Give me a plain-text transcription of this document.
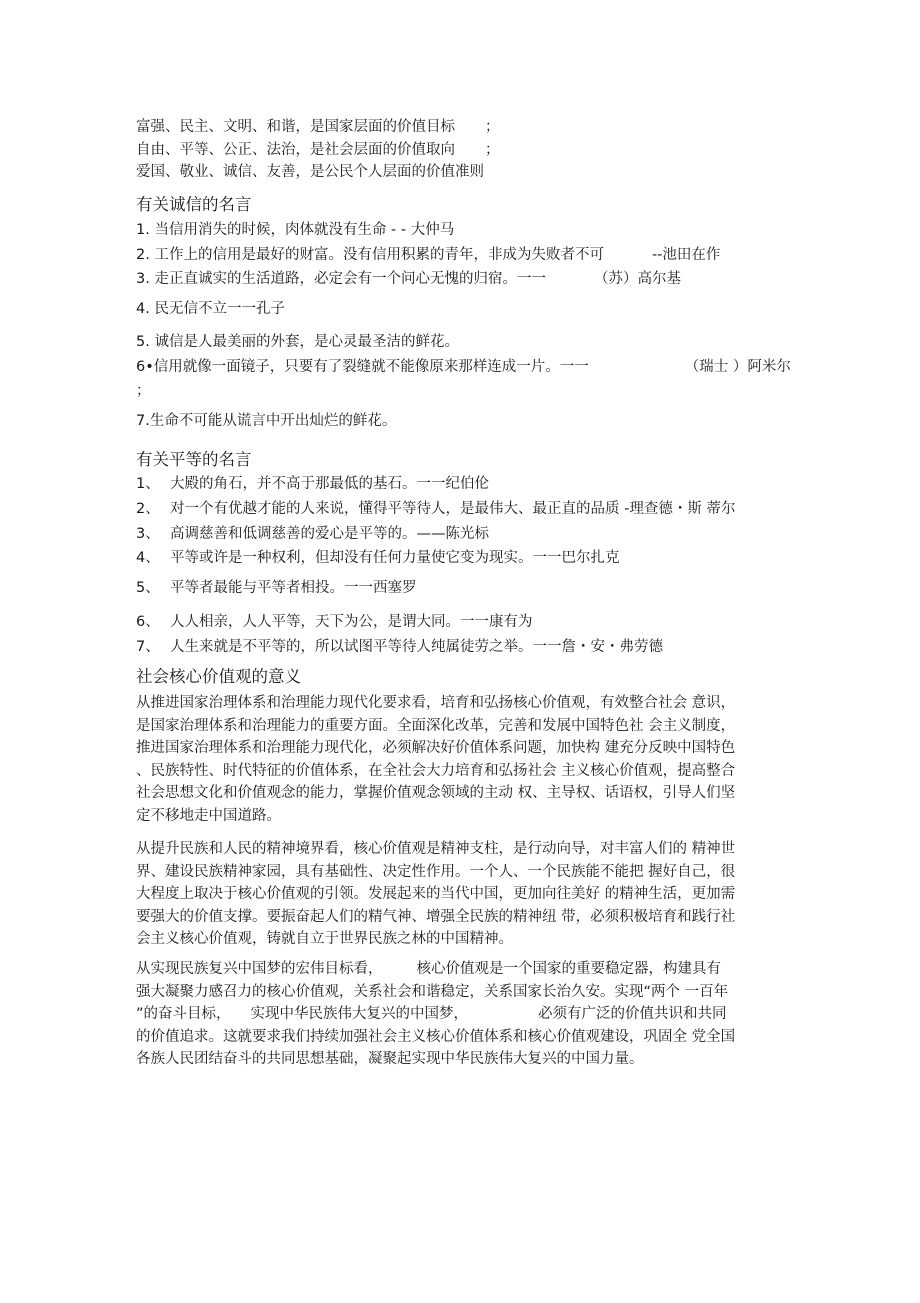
富强、民主、文明、和谐，是国家层面的价值目标 ；
自由、平等、公正、法治，是社会层面的价值取向 ；
爱国、敬业、诚信、友善，是公民个人层面的价值准则
有关诚信的名言
1. 当信用消失的时候，肉体就没有生命 - - 大仲马
2. 工作上的信用是最好的财富。没有信用积累的青年，非成为失败者不可	--池田在作
3. 走正直诚实的生活道路，必定会有一个问心无愧的归宿。一一	（苏）高尔基
4. 民无信不立一一孔子
5. 诚信是人最美丽的外套，是心灵最圣洁的鲜花。
6•信用就像一面镜子，只要有了裂缝就不能像原来那样连成一片。一一	（瑞士 ）阿米尔
；
7.生命不可能从谎言中开出灿烂的鲜花。
有关平等的名言
1、 大殿的角石，并不高于那最低的基石。一一纪伯伦
2、 对一个有优越才能的人来说，懂得平等待人，是最伟大、最正直的品质 -理查德・斯 蒂尔
3、 高调慈善和低调慈善的爱心是平等的。——陈光标
4、 平等或许是一种权利，但却没有任何力量使它变为现实。一一巴尔扎克
5、 平等者最能与平等者相投。一一西塞罗
6、 人人相亲，人人平等，天下为公，是谓大同。一一康有为
7、 人生来就是不平等的，所以试图平等待人纯属徒劳之举。一一詹・安・弗劳德
社会核心价值观的意义
从推进国家治理体系和治理能力现代化要求看，培育和弘扬核心价值观，有效整合社会 意识，
是国家治理体系和治理能力的重要方面。全面深化改革，完善和发展中国特色社 会主义制度，
推进国家治理体系和治理能力现代化，必须解决好价值体系问题，加快构 建充分反映中国特色
、民族特性、时代特征的价值体系，在全社会大力培育和弘扬社会 主义核心价值观，提高整合
社会思想文化和价值观念的能力，掌握价值观念领域的主动 权、主导权、话语权，引导人们坚
定不移地走中国道路。
从提升民族和人民的精神境界看，核心价值观是精神支柱，是行动向导，对丰富人们的 精神世
界、建设民族精神家园，具有基础性、决定性作用。一个人、一个民族能不能把 握好自己，很
大程度上取决于核心价值观的引领。发展起来的当代中国，更加向往美好 的精神生活，更加需
要强大的价值支撑。要振奋起人们的精气神、增强全民族的精神纽 带，必须积极培育和践行社
会主义核心价值观，铸就自立于世界民族之林的中国精神。
从实现民族复兴中国梦的宏伟目标看， 核心价值观是一个国家的重要稳定器，构建具有
强大凝聚力感召力的核心价值观，关系社会和谐稳定，关系国家长治久安。实现“两个 一百年
”的奋斗目标， 实现中华民族伟大复兴的中国梦，	必须有广泛的价值共识和共同
的价值追求。这就要求我们持续加强社会主义核心价值体系和核心价值观建设，巩固全 党全国
各族人民团结奋斗的共同思想基础，凝聚起实现中华民族伟大复兴的中国力量。
